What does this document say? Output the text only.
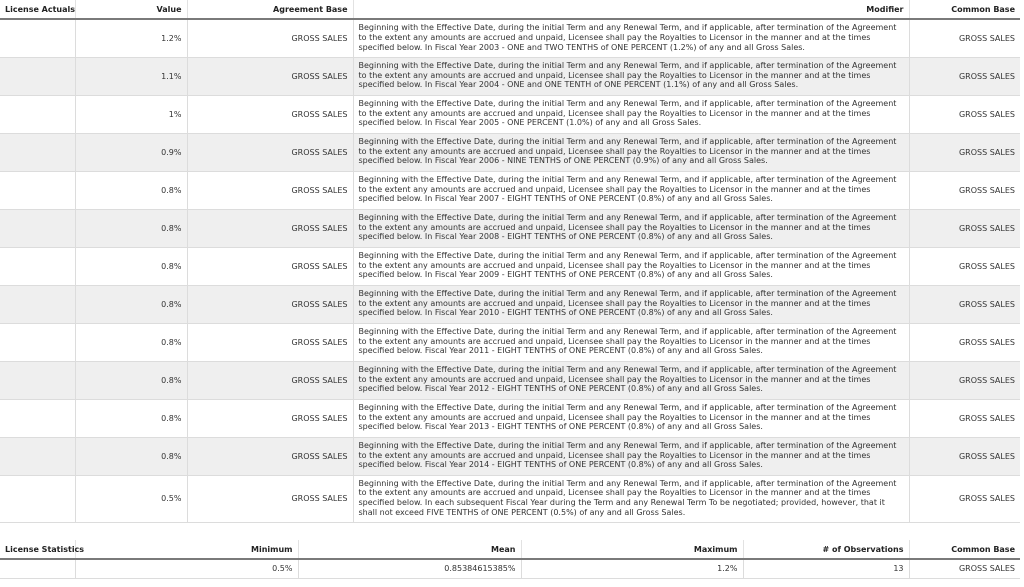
License Actuals	Value	Agreement Base	Modifier	Common Base
	1.2%	GROSS SALES	Beginning with the Effective Date, during the initial Term and any Renewal Term, and if applicable, after termination of the Agreement to the extent any amounts are accrued and unpaid, Licensee shall pay the Royalties to Licensor in the manner and at the times specified below. In Fiscal Year 2003 - ONE and TWO TENTHS of ONE PERCENT (1.2%) of any and all Gross Sales.	GROSS SALES
	1.1%	GROSS SALES	Beginning with the Effective Date, during the initial Term and any Renewal Term, and if applicable, after termination of the Agreement to the extent any amounts are accrued and unpaid, Licensee shall pay the Royalties to Licensor in the manner and at the times specified below. In Fiscal Year 2004 - ONE and ONE TENTH of ONE PERCENT (1.1%) of any and all Gross Sales.	GROSS SALES
	1%	GROSS SALES	Beginning with the Effective Date, during the initial Term and any Renewal Term, and if applicable, after termination of the Agreement to the extent any amounts are accrued and unpaid, Licensee shall pay the Royalties to Licensor in the manner and at the times specified below. In Fiscal Year 2005 - ONE PERCENT (1.0%) of any and all Gross Sales.	GROSS SALES
	0.9%	GROSS SALES	Beginning with the Effective Date, during the initial Term and any Renewal Term, and if applicable, after termination of the Agreement to the extent any amounts are accrued and unpaid, Licensee shall pay the Royalties to Licensor in the manner and at the times specified below. In Fiscal Year 2006 - NINE TENTHS of ONE PERCENT (0.9%) of any and all Gross Sales.	GROSS SALES
	0.8%	GROSS SALES	Beginning with the Effective Date, during the initial Term and any Renewal Term, and if applicable, after termination of the Agreement to the extent any amounts are accrued and unpaid, Licensee shall pay the Royalties to Licensor in the manner and at the times specified below. In Fiscal Year 2007 - EIGHT TENTHS of ONE PERCENT (0.8%) of any and all Gross Sales.	GROSS SALES
	0.8%	GROSS SALES	Beginning with the Effective Date, during the initial Term and any Renewal Term, and if applicable, after termination of the Agreement to the extent any amounts are accrued and unpaid, Licensee shall pay the Royalties to Licensor in the manner and at the times specified below. In Fiscal Year 2008 - EIGHT TENTHS of ONE PERCENT (0.8%) of any and all Gross Sales.	GROSS SALES
	0.8%	GROSS SALES	Beginning with the Effective Date, during the initial Term and any Renewal Term, and if applicable, after termination of the Agreement to the extent any amounts are accrued and unpaid, Licensee shall pay the Royalties to Licensor in the manner and at the times specified below. In Fiscal Year 2009 - EIGHT TENTHS of ONE PERCENT (0.8%) of any and all Gross Sales.	GROSS SALES
	0.8%	GROSS SALES	Beginning with the Effective Date, during the initial Term and any Renewal Term, and if applicable, after termination of the Agreement to the extent any amounts are accrued and unpaid, Licensee shall pay the Royalties to Licensor in the manner and at the times specified below. In Fiscal Year 2010 - EIGHT TENTHS of ONE PERCENT (0.8%) of any and all Gross Sales.	GROSS SALES
	0.8%	GROSS SALES	Beginning with the Effective Date, during the initial Term and any Renewal Term, and if applicable, after termination of the Agreement to the extent any amounts are accrued and unpaid, Licensee shall pay the Royalties to Licensor in the manner and at the times specified below. Fiscal Year 2011 - EIGHT TENTHS of ONE PERCENT (0.8%) of any and all Gross Sales.	GROSS SALES
	0.8%	GROSS SALES	Beginning with the Effective Date, during the initial Term and any Renewal Term, and if applicable, after termination of the Agreement to the extent any amounts are accrued and unpaid, Licensee shall pay the Royalties to Licensor in the manner and at the times specified below. Fiscal Year 2012 - EIGHT TENTHS of ONE PERCENT (0.8%) of any and all Gross Sales.	GROSS SALES
	0.8%	GROSS SALES	Beginning with the Effective Date, during the initial Term and any Renewal Term, and if applicable, after termination of the Agreement to the extent any amounts are accrued and unpaid, Licensee shall pay the Royalties to Licensor in the manner and at the times specified below. Fiscal Year 2013 - EIGHT TENTHS of ONE PERCENT (0.8%) of any and all Gross Sales.	GROSS SALES
	0.8%	GROSS SALES	Beginning with the Effective Date, during the initial Term and any Renewal Term, and if applicable, after termination of the Agreement to the extent any amounts are accrued and unpaid, Licensee shall pay the Royalties to Licensor in the manner and at the times specified below. Fiscal Year 2014 - EIGHT TENTHS of ONE PERCENT (0.8%) of any and all Gross Sales.	GROSS SALES
	0.5%	GROSS SALES	Beginning with the Effective Date, during the initial Term and any Renewal Term, and if applicable, after termination of the Agreement to the extent any amounts are accrued and unpaid, Licensee shall pay the Royalties to Licensor in the manner and at the times specified below. In each subsequent Fiscal Year during the Term and any Renewal Term To be negotiated; provided, however, that it shall not exceed FIVE TENTHS of ONE PERCENT (0.5%) of any and all Gross Sales.	GROSS SALES
License Statistics	Minimum	Mean	Maximum	# of Observations	Common Base
	0.5%	0.85384615385%	1.2%	13	GROSS SALES
